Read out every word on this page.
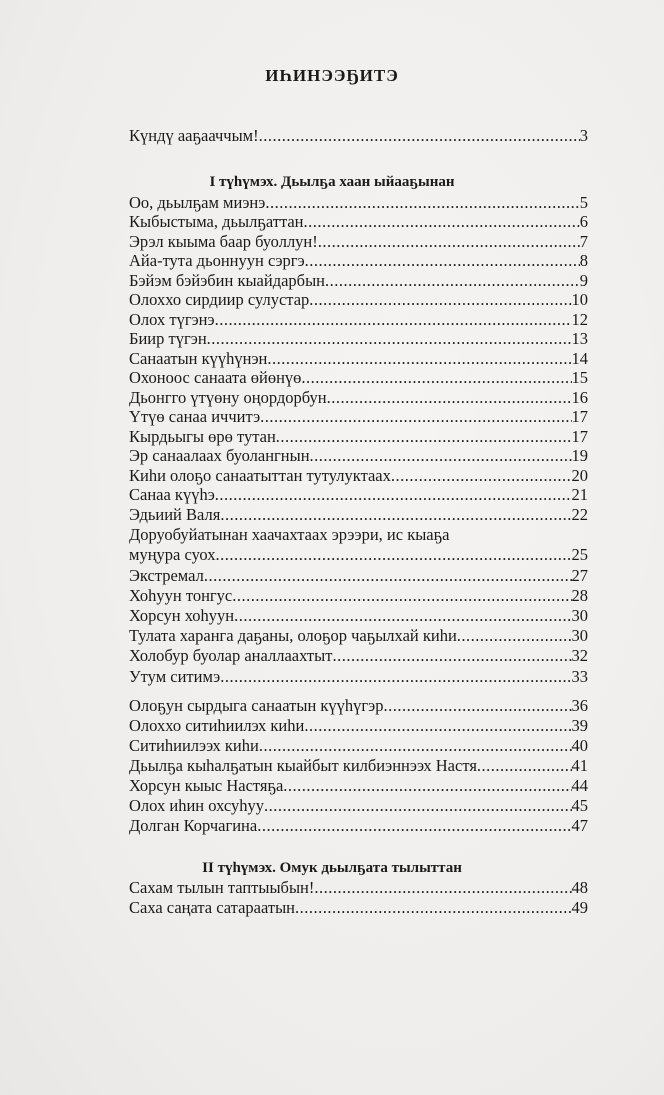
ИҺИНЭЭҔИТЭ
Күндү ааҕааччым! .....	3
I түһүмэх. Дьылҕа хаан ыйааҕынан
Оо, дьылҕам миэнэ .....	5
Кыбыстыма, дьылҕаттан .....	6
Эрэл кыыма баар буоллун! .....	7
Айа-тута дьоннуун сэргэ .....	8
Бэйэм бэйэбин кыайдарбын .....	9
Олоххо сирдиир сулустар .....	10
Олох түгэнэ .....	12
Биир түгэн .....	13
Санаатын күүһүнэн .....	14
Охоноос санаата өйөнүө .....	15
Дьонгго үтүөну оңордорбун .....	16
Үтүө санаа иччитэ .....	17
Кырдьыгы өрө тутан .....	17
Эр санаалаах буолангнын .....	19
Киһи олоҕо санаатыттан тутулуктаах .....	20
Санаа күүһэ .....	21
Эдьиий Валя .....	22
Доруобуйатынан хаачахтаах эрээри, ис кыаҕа
муңура суох .....	25
Экстремал .....	27
Хоһуун тонгус .....	28
Хорсун хоһуун .....	30
Тулата харанга даҕаны, олоҕор чаҕылхай киһи .....	30
Холобур буолар аналлаахтыт .....	32
Утум ситимэ .....	33
Олоҕун сырдыга санаатын күүһүгэр .....	36
Олоххо ситиһиилэх киһи .....	39
Ситиһиилээх киһи .....	40
Дьылҕа кыһалҕатын кыайбыт килбиэннээх Настя .....	41
Хорсун кыыс Настяҕа .....	44
Олох иһин охсуһуу .....	45
Долган Корчагина .....	47
II түһүмэх. Омук дьылҕата тылыттан
Сахам тылын таптыыбын! .....	48
Саха саңата сатараатын .....	49
